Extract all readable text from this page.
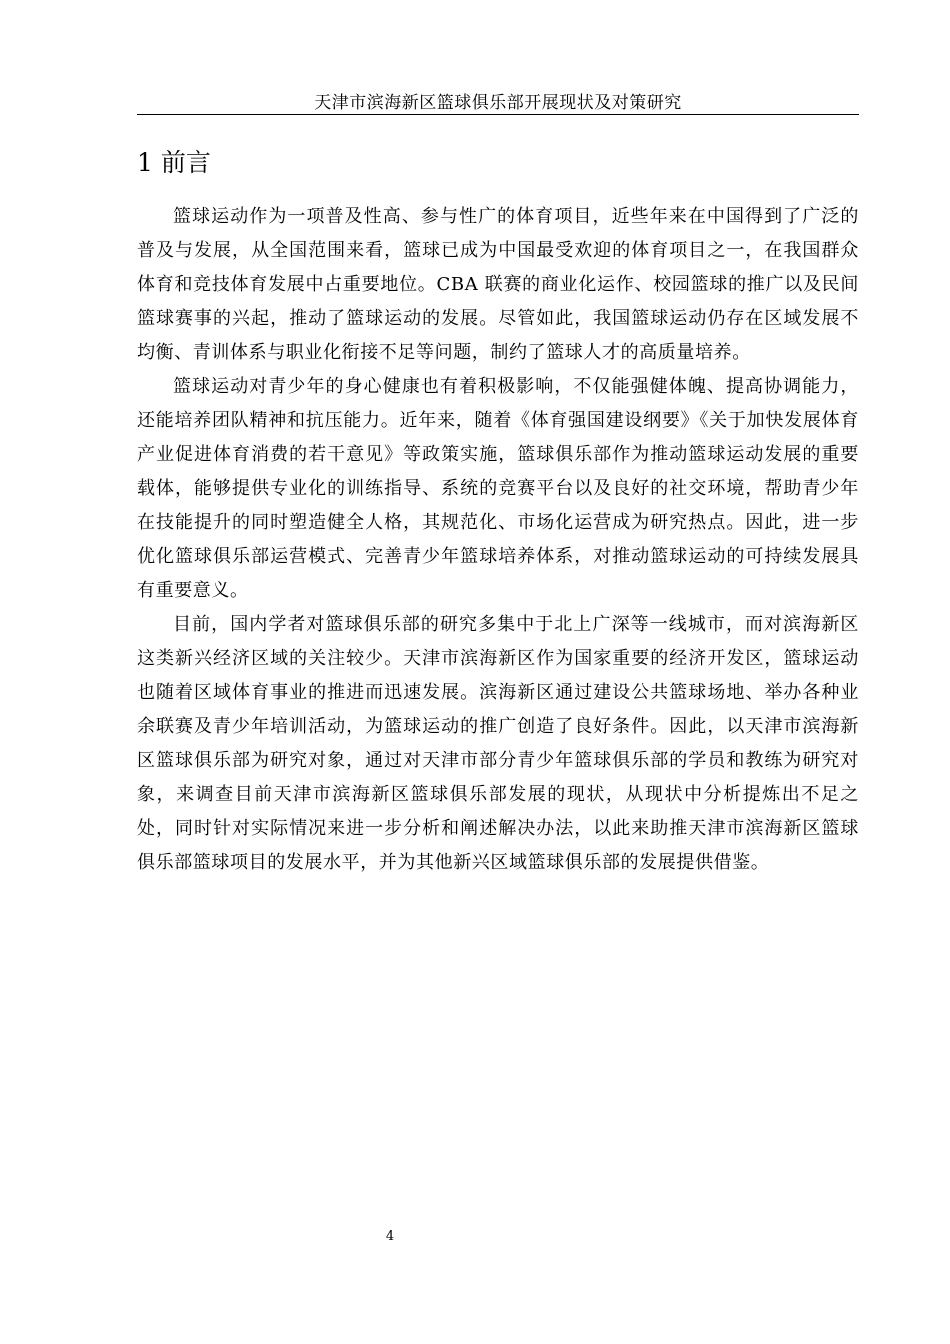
天津市滨海新区篮球俱乐部开展现状及对策研究
1 前言

篮球运动作为一项普及性高、参与性广的体育项目，近些年来在中国得到了广泛的普及与发展，从全国范围来看，篮球已成为中国最受欢迎的体育项目之一，在我国群众体育和竞技体育发展中占重要地位。CBA 联赛的商业化运作、校园篮球的推广以及民间篮球赛事的兴起，推动了篮球运动的发展。尽管如此，我国篮球运动仍存在区域发展不均衡、青训体系与职业化衔接不足等问题，制约了篮球人才的高质量培养。

篮球运动对青少年的身心健康也有着积极影响，不仅能强健体魄、提高协调能力，还能培养团队精神和抗压能力。近年来，随着《体育强国建设纲要》《关于加快发展体育产业促进体育消费的若干意见》等政策实施，篮球俱乐部作为推动篮球运动发展的重要载体，能够提供专业化的训练指导、系统的竞赛平台以及良好的社交环境，帮助青少年在技能提升的同时塑造健全人格，其规范化、市场化运营成为研究热点。因此，进一步优化篮球俱乐部运营模式、完善青少年篮球培养体系，对推动篮球运动的可持续发展具有重要意义。

目前，国内学者对篮球俱乐部的研究多集中于北上广深等一线城市，而对滨海新区这类新兴经济区域的关注较少。天津市滨海新区作为国家重要的经济开发区，篮球运动也随着区域体育事业的推进而迅速发展。滨海新区通过建设公共篮球场地、举办各种业余联赛及青少年培训活动，为篮球运动的推广创造了良好条件。因此，以天津市滨海新区篮球俱乐部为研究对象，通过对天津市部分青少年篮球俱乐部的学员和教练为研究对象，来调查目前天津市滨海新区篮球俱乐部发展的现状，从现状中分析提炼出不足之处，同时针对实际情况来进一步分析和阐述解决办法，以此来助推天津市滨海新区篮球俱乐部篮球项目的发展水平，并为其他新兴区域篮球俱乐部的发展提供借鉴。

4
